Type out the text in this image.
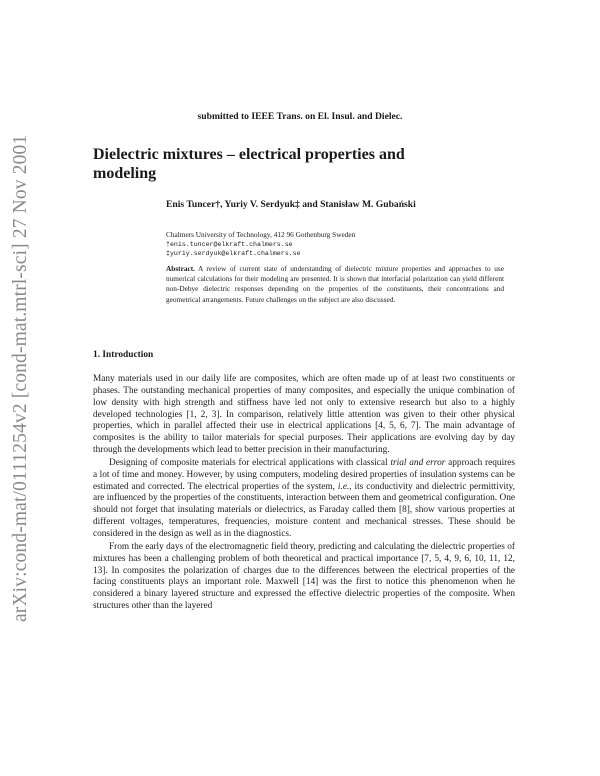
arXiv:cond-mat/0111254v2 [cond-mat.mtrl-sci] 27 Nov 2001
submitted to IEEE Trans. on El. Insul. and Dielec.
Dielectric mixtures – electrical properties and modeling
Enis Tuncer†, Yuriy V. Serdyuk‡ and Stanisław M. Gubański
Chalmers University of Technology, 412 96 Gothenburg Sweden
†enis.tuncer@elkraft.chalmers.se
‡yuriy.serdyuk@elkraft.chalmers.se

Abstract. A review of current state of understanding of dielectric mixture properties and approaches to use numerical calculations for their modeling are presented. It is shown that interfacial polarization can yield different non-Debye dielectric responses depending on the properties of the constituents, their concentrations and geometrical arrangements. Future challenges on the subject are also discussed.

1. Introduction

Many materials used in our daily life are composites, which are often made up of at least two constituents or phases. The outstanding mechanical properties of many composites, and especially the unique combination of low density with high strength and stiffness have led not only to extensive research but also to a highly developed technologies [1, 2, 3]. In comparison, relatively little attention was given to their other physical properties, which in parallel affected their use in electrical applications [4, 5, 6, 7]. The main advantage of composites is the ability to tailor materials for special purposes. Their applications are evolving day by day through the developments which lead to better precision in their manufacturing.

Designing of composite materials for electrical applications with classical trial and error approach requires a lot of time and money. However, by using computers, modeling desired properties of insulation systems can be estimated and corrected. The electrical properties of the system, i.e., its conductivity and dielectric permittivity, are influenced by the properties of the constituents, interaction between them and geometrical configuration. One should not forget that insulating materials or dielectrics, as Faraday called them [8], show various properties at different voltages, temperatures, frequencies, moisture content and mechanical stresses. These should be considered in the design as well as in the diagnostics.

From the early days of the electromagnetic field theory, predicting and calculating the dielectric properties of mixtures has been a challenging problem of both theoretical and practical importance [7, 5, 4, 9, 6, 10, 11, 12, 13]. In composites the polarization of charges due to the differences between the electrical properties of the facing constituents plays an important role. Maxwell [14] was the first to notice this phenomenon when he considered a binary layered structure and expressed the effective dielectric properties of the composite. When structures other than the layered
